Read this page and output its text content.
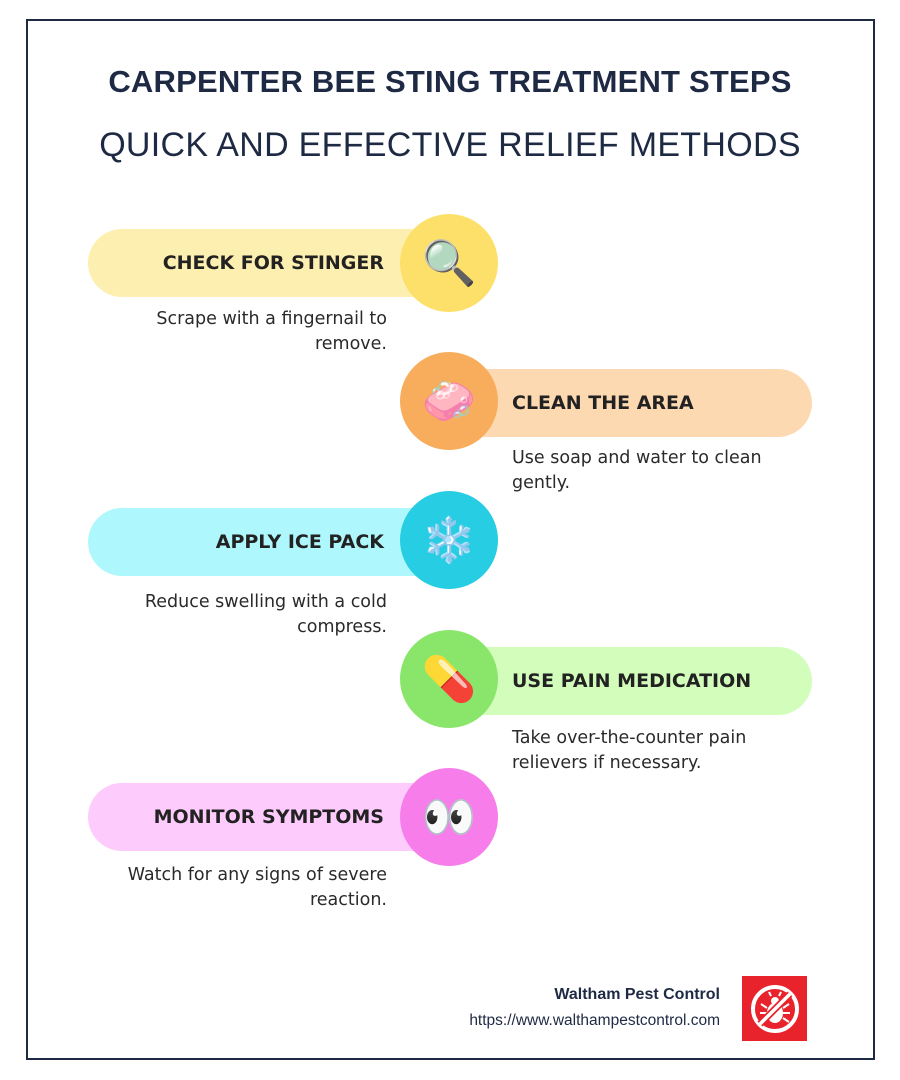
CARPENTER BEE STING TREATMENT STEPS
QUICK AND EFFECTIVE RELIEF METHODS
CHECK FOR STINGER 🔍
Scrape with a fingernail to remove.
CLEAN THE AREA
🧼
Use soap and water to clean gently.
APPLY ICE PACK ❄️
Reduce swelling with a cold compress.
USE PAIN MEDICATION
💊
Take over-the-counter pain relievers if necessary.
MONITOR SYMPTOMS 👀
Watch for any signs of severe reaction.
Waltham Pest Control
https://www.walthampestcontrol.com
